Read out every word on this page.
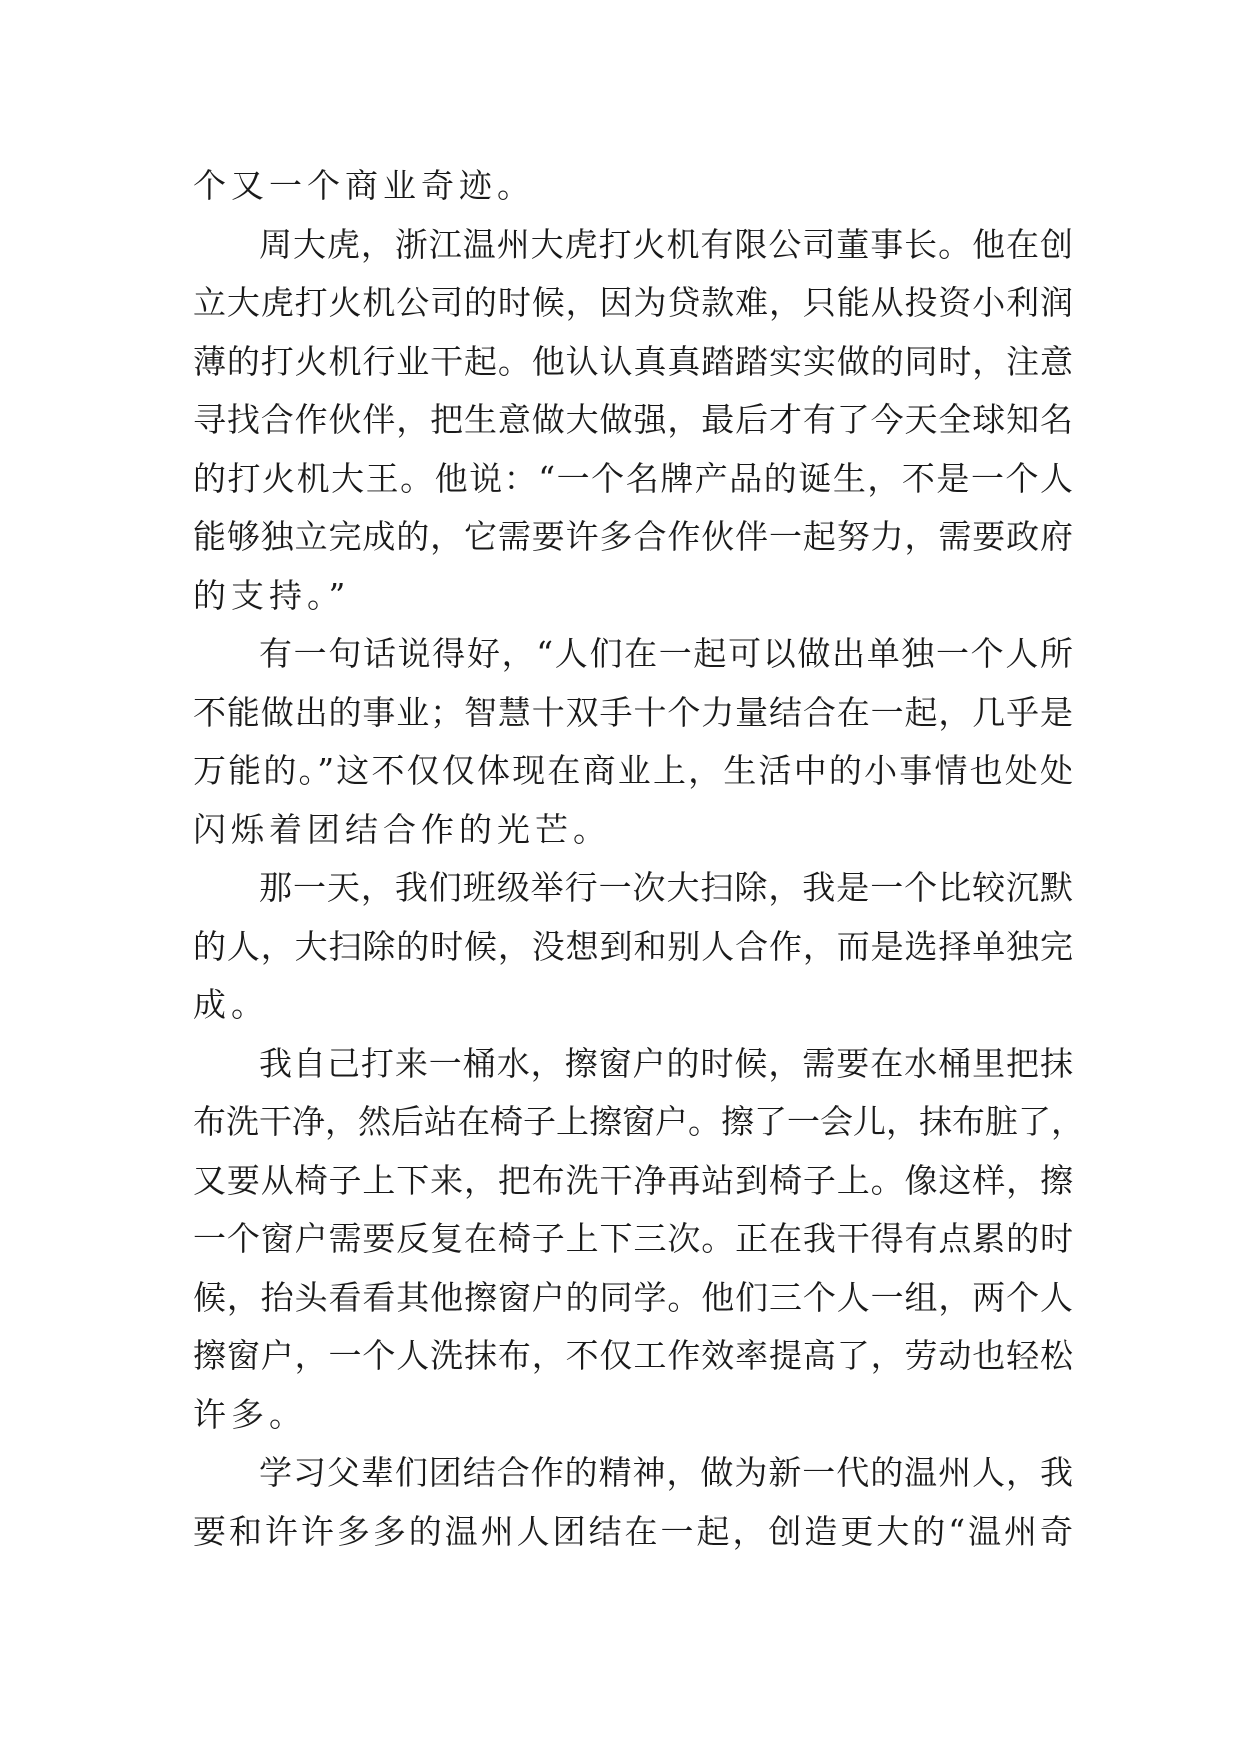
个又一个商业奇迹。
周大虎，浙江温州大虎打火机有限公司董事长。他在创
立大虎打火机公司的时候，因为贷款难，只能从投资小利润
薄的打火机行业干起。他认认真真踏踏实实做的同时，注意
寻找合作伙伴，把生意做大做强，最后才有了今天全球知名
的打火机大王。他说：“一个名牌产品的诞生，不是一个人
能够独立完成的，它需要许多合作伙伴一起努力，需要政府
的支持。”
有一句话说得好，“人们在一起可以做出单独一个人所
不能做出的事业；智慧十双手十个力量结合在一起，几乎是
万能的。”这不仅仅体现在商业上，生活中的小事情也处处
闪烁着团结合作的光芒。
那一天，我们班级举行一次大扫除，我是一个比较沉默
的人，大扫除的时候，没想到和别人合作，而是选择单独完
成。
我自己打来一桶水，擦窗户的时候，需要在水桶里把抹
布洗干净，然后站在椅子上擦窗户。擦了一会儿，抹布脏了，
又要从椅子上下来，把布洗干净再站到椅子上。像这样，擦
一个窗户需要反复在椅子上下三次。正在我干得有点累的时
候，抬头看看其他擦窗户的同学。他们三个人一组，两个人
擦窗户，一个人洗抹布，不仅工作效率提高了，劳动也轻松
许多。
学习父辈们团结合作的精神，做为新一代的温州人，我
要和许许多多的温州人团结在一起，创造更大的“温州奇
